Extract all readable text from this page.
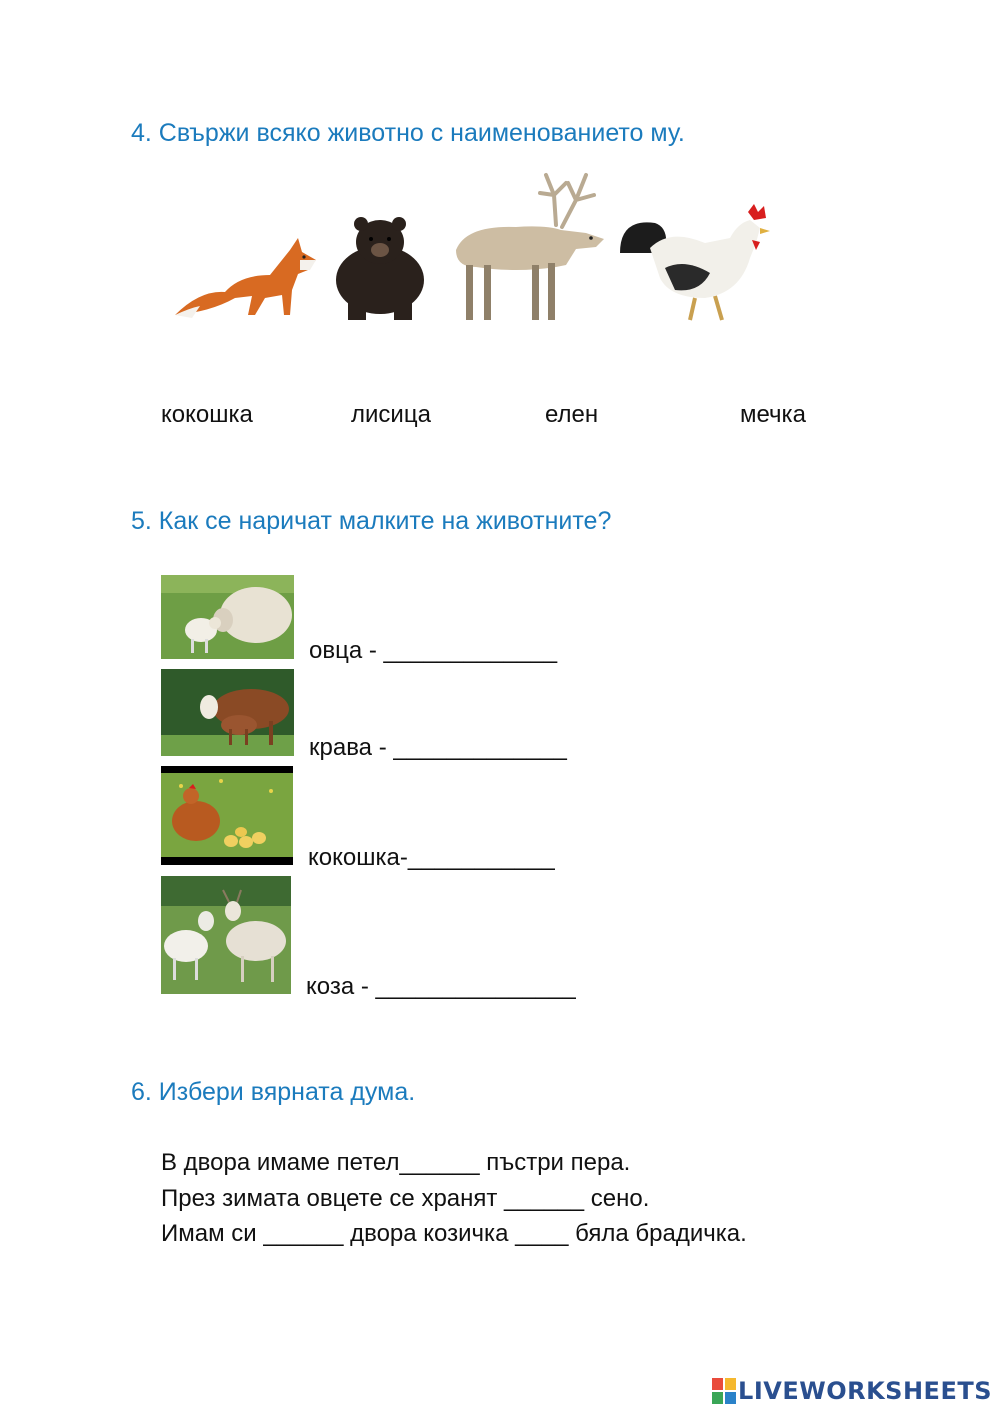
4. Свържи всяко животно с наименованието му.
кокошка	лисица	елен	мечка
5. Как се наричат малките на животните?
овца - _____________
крава - _____________
кокошка-___________
коза - _______________
6. Избери вярната дума.
В двора имаме петел______ пъстри пера.
През зимата овцете се хранят ______ сено.
Имам си ______ двора козичка ____ бяла брадичка.
LIVEWORKSHEETS
